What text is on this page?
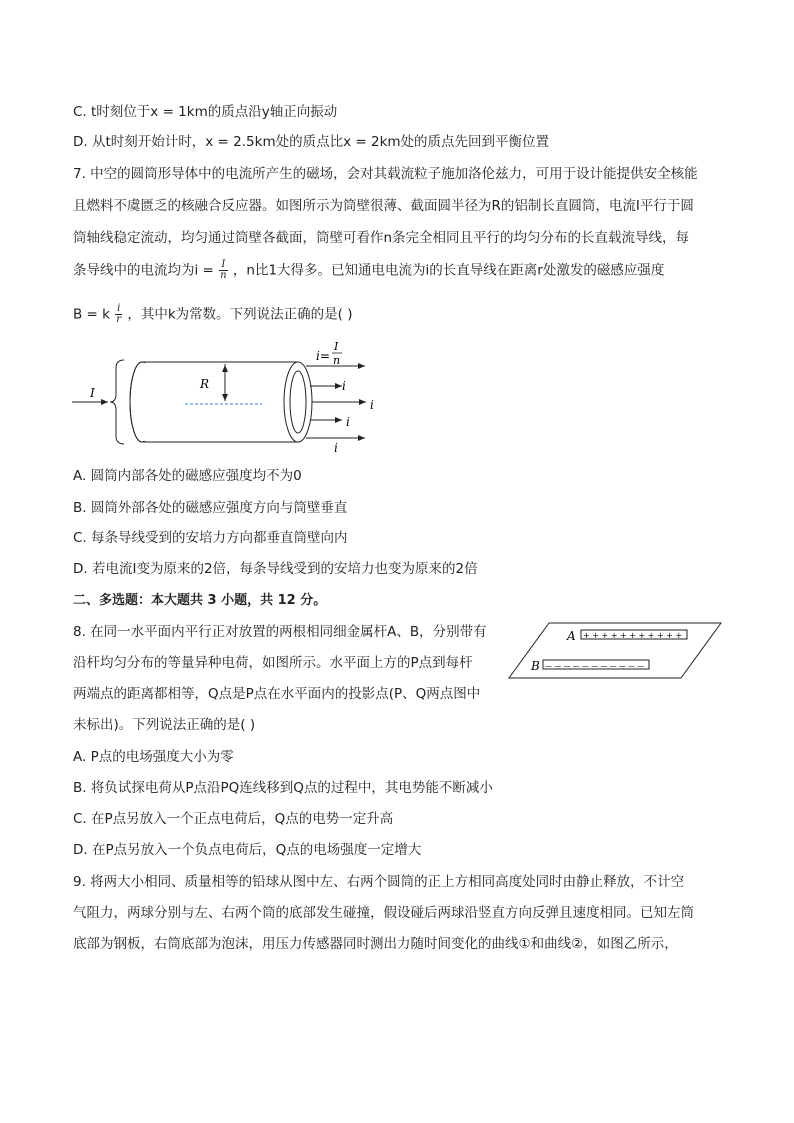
C. t时刻位于x = 1km的质点沿y轴正向振动
D. 从t时刻开始计时，x = 2.5km处的质点比x = 2km处的质点先回到平衡位置
7. 中空的圆筒形导体中的电流所产生的磁场，会对其载流粒子施加洛伦兹力，可用于设计能提供安全核能
且燃料不虞匮乏的核融合反应器。如图所示为筒壁很薄、截面圆半径为R的铝制长直圆筒，电流I平行于圆
筒轴线稳定流动，均匀通过筒壁各截面，筒壁可看作n条完全相同且平行的均匀分布的长直载流导线，每
条导线中的电流均为$i = \frac{I}{n}$ ，n比1大得多。已知通电电流为i的长直导线在距离r处激发的磁感应强度
B = k $\frac{i}{r}$ ，其中k为常数。下列说法正确的是( )
I
R
i=
I
n
i
i
i
i
A. 圆筒内部各处的磁感应强度均不为0
B. 圆筒外部各处的磁感应强度方向与筒壁垂直
C. 每条导线受到的安培力方向都垂直筒壁向内
D. 若电流I变为原来的2倍，每条导线受到的安培力也变为原来的2倍
二、多选题：本大题共 3 小题，共 12 分。
8. 在同一水平面内平行正对放置的两根相同细金属杆A、B，分别带有
沿杆均匀分布的等量异种电荷，如图所示。水平面上方的P点到每杆
两端点的距离都相等，Q点是P点在水平面内的投影点(P、Q两点图中
未标出)。下列说法正确的是( )
+ + + + + + + + + + +
A
— — — — — — — — — — —
B
A. P点的电场强度大小为零
B. 将负试探电荷从P点沿PQ连线移到Q点的过程中，其电势能不断减小
C. 在P点另放入一个正点电荷后，Q点的电势一定升高
D. 在P点另放入一个负点电荷后，Q点的电场强度一定增大
9. 将两大小相同、质量相等的铅球从图中左、右两个圆筒的正上方相同高度处同时由静止释放，不计空
气阻力，两球分别与左、右两个筒的底部发生碰撞，假设碰后两球沿竖直方向反弹且速度相同。已知左筒
底部为钢板，右筒底部为泡沫，用压力传感器同时测出力随时间变化的曲线①和曲线②，如图乙所示，
